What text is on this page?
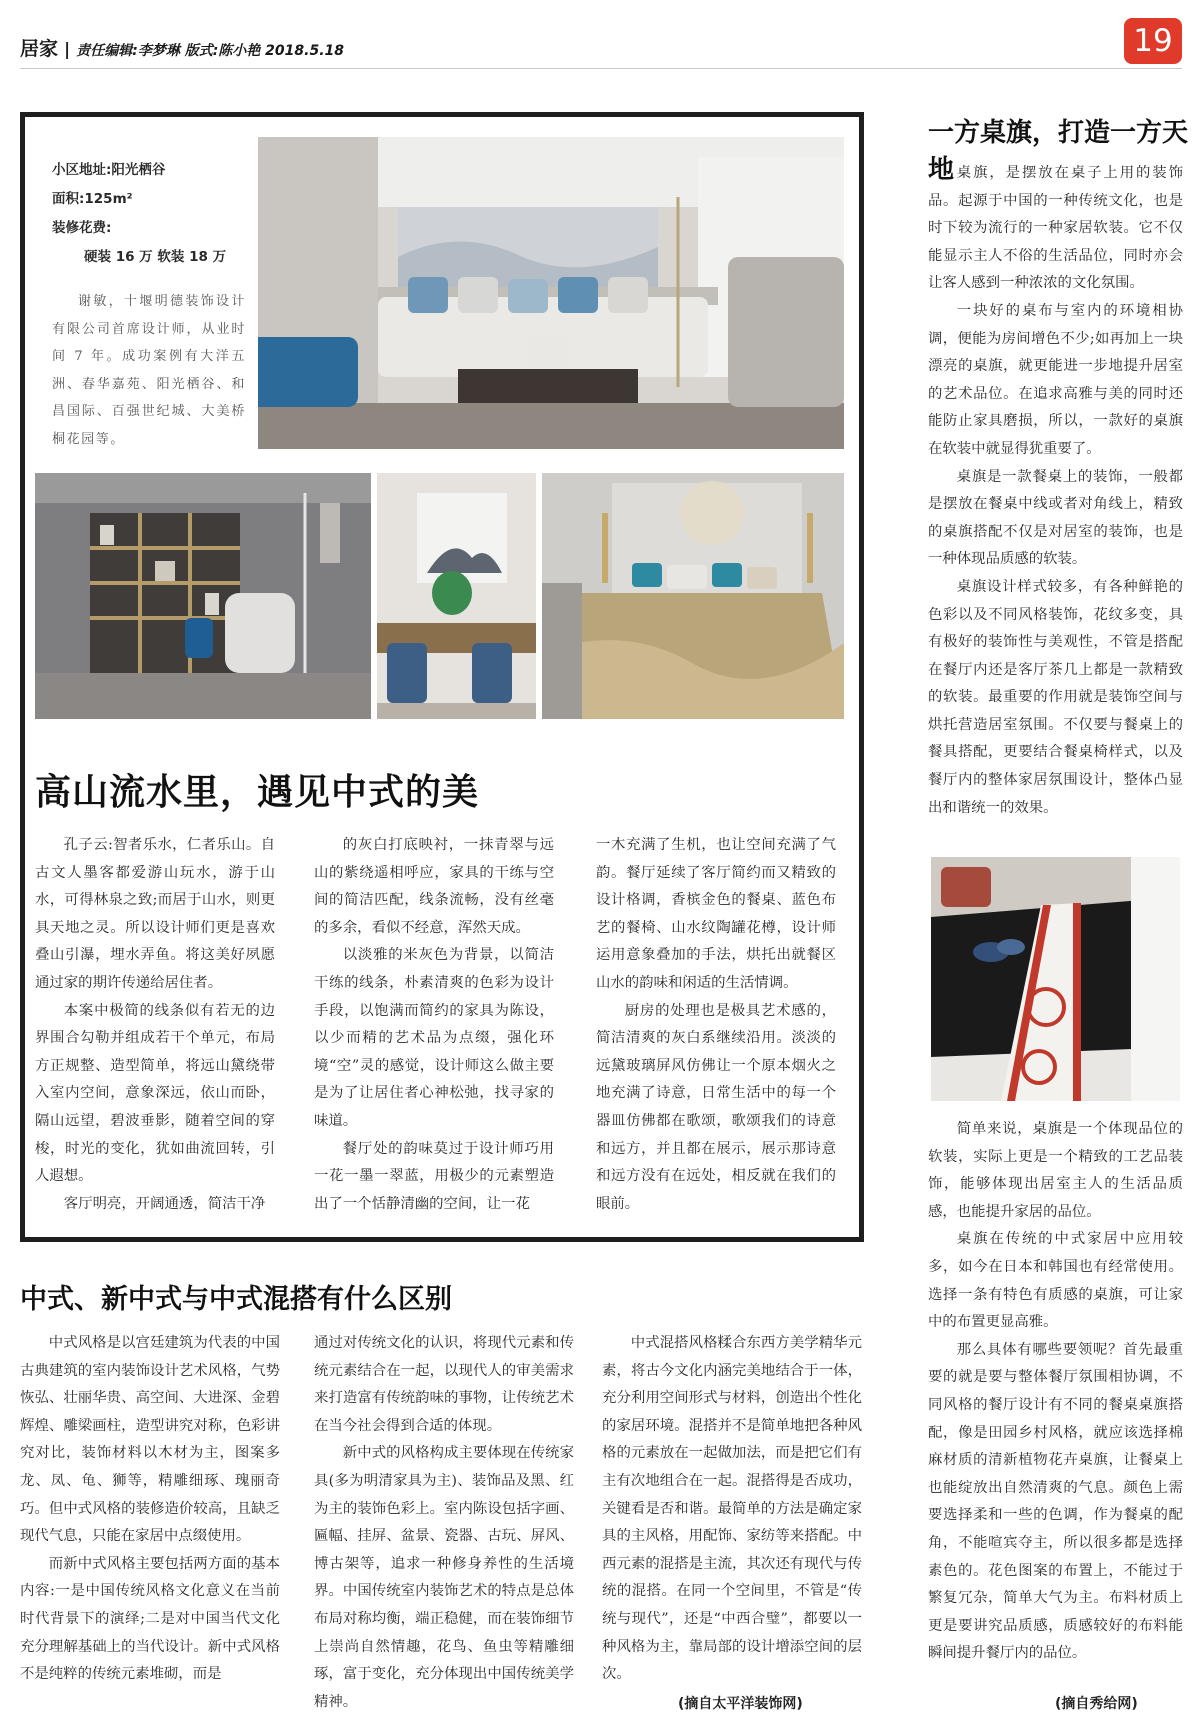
居家 | 责任编辑:李梦琳 版式:陈小艳 2018.5.18	19
小区地址:阳光栖谷
面积:125m²
装修花费:
硬装 16 万 软装 18 万

谢敏，十堰明德装饰设计有限公司首席设计师，从业时间 7 年。成功案例有大洋五洲、春华嘉苑、阳光栖谷、和昌国际、百强世纪城、大美桥桐花园等。

高山流水里，遇见中式的美

孔子云:智者乐水，仁者乐山。自古文人墨客都爱游山玩水，游于山水，可得林泉之致;而居于山水，则更具天地之灵。所以设计师们更是喜欢叠山引瀑，埋水弄鱼。将这美好夙愿通过家的期许传递给居住者。

本案中极简的线条似有若无的边界围合勾勒并组成若干个单元，布局方正规整、造型简单，将远山黛绕带入室内空间，意象深远，依山而卧，隔山远望，碧波垂影，随着空间的穿梭，时光的变化，犹如曲流回转，引人遐想。

客厅明亮，开阔通透，简洁干净

的灰白打底映衬，一抹青翠与远山的紫绕遥相呼应，家具的干练与空间的简洁匹配，线条流畅，没有丝毫的多余，看似不经意，浑然天成。

以淡雅的米灰色为背景，以简洁干练的线条，朴素清爽的色彩为设计手段，以饱满而简约的家具为陈设，以少而精的艺术品为点缀，强化环境“空”灵的感觉，设计师这么做主要是为了让居住者心神松弛，找寻家的味道。

餐厅处的韵味莫过于设计师巧用一花一墨一翠蓝，用极少的元素塑造出了一个恬静清幽的空间，让一花

一木充满了生机，也让空间充满了气韵。餐厅延续了客厅简约而又精致的设计格调，香槟金色的餐桌、蓝色布艺的餐椅、山水纹陶罐花樽，设计师运用意象叠加的手法，烘托出就餐区山水的韵味和闲适的生活情调。

厨房的处理也是极具艺术感的，简洁清爽的灰白系继续沿用。淡淡的远黛玻璃屏风仿佛让一个原本烟火之地充满了诗意，日常生活中的每一个器皿仿佛都在歌颂，歌颂我们的诗意和远方，并且都在展示，展示那诗意和远方没有在远处，相反就在我们的眼前。

一方桌旗，打造一方天地 桌旗，是摆放在桌子上用的装饰品。起源于中国的一种传统文化，也是时下较为流行的一种家居软装。它不仅能显示主人不俗的生活品位，同时亦会让客人感到一种浓浓的文化氛围。

一块好的桌布与室内的环境相协调，便能为房间增色不少;如再加上一块漂亮的桌旗，就更能进一步地提升居室的艺术品位。在追求高雅与美的同时还能防止家具磨损，所以，一款好的桌旗在软装中就显得犹重要了。

桌旗是一款餐桌上的装饰，一般都是摆放在餐桌中线或者对角线上，精致的桌旗搭配不仅是对居室的装饰，也是一种体现品质感的软装。

桌旗设计样式较多，有各种鲜艳的色彩以及不同风格装饰，花纹多变，具有极好的装饰性与美观性，不管是搭配在餐厅内还是客厅茶几上都是一款精致的软装。最重要的作用就是装饰空间与烘托营造居室氛围。不仅要与餐桌上的餐具搭配，更要结合餐桌椅样式，以及餐厅内的整体家居氛围设计，整体凸显出和谐统一的效果。

简单来说，桌旗是一个体现品位的软装，实际上更是一个精致的工艺品装饰，能够体现出居室主人的生活品质感，也能提升家居的品位。

桌旗在传统的中式家居中应用较多，如今在日本和韩国也有经常使用。选择一条有特色有质感的桌旗，可让家中的布置更显高雅。

那么具体有哪些要领呢？首先最重要的就是要与整体餐厅氛围相协调，不同风格的餐厅设计有不同的餐桌桌旗搭配，像是田园乡村风格，就应该选择棉麻材质的清新植物花卉桌旗，让餐桌上也能绽放出自然清爽的气息。颜色上需要选择柔和一些的色调，作为餐桌的配角，不能喧宾夺主，所以很多都是选择素色的。花色图案的布置上，不能过于繁复冗杂，简单大气为主。布料材质上更是要讲究品质感，质感较好的布料能瞬间提升餐厅内的品位。

(摘自秀给网)
中式、新中式与中式混搭有什么区别

中式风格是以宫廷建筑为代表的中国古典建筑的室内装饰设计艺术风格，气势恢弘、壮丽华贵、高空间、大进深、金碧辉煌、雕梁画柱，造型讲究对称，色彩讲究对比，装饰材料以木材为主，图案多龙、凤、龟、狮等，精雕细琢、瑰丽奇巧。但中式风格的装修造价较高，且缺乏现代气息，只能在家居中点缀使用。

而新中式风格主要包括两方面的基本内容:一是中国传统风格文化意义在当前时代背景下的演绎;二是对中国当代文化充分理解基础上的当代设计。新中式风格不是纯粹的传统元素堆砌，而是

通过对传统文化的认识，将现代元素和传统元素结合在一起，以现代人的审美需求来打造富有传统韵味的事物，让传统艺术在当今社会得到合适的体现。

新中式的风格构成主要体现在传统家具(多为明清家具为主)、装饰品及黑、红为主的装饰色彩上。室内陈设包括字画、匾幅、挂屏、盆景、瓷器、古玩、屏风、博古架等，追求一种修身养性的生活境界。中国传统室内装饰艺术的特点是总体布局对称均衡，端正稳健，而在装饰细节上崇尚自然情趣，花鸟、鱼虫等精雕细琢，富于变化，充分体现出中国传统美学精神。

中式混搭风格糅合东西方美学精华元素，将古今文化内涵完美地结合于一体，充分利用空间形式与材料，创造出个性化的家居环境。混搭并不是简单地把各种风格的元素放在一起做加法，而是把它们有主有次地组合在一起。混搭得是否成功，关键看是否和谐。最简单的方法是确定家具的主风格，用配饰、家纺等来搭配。中西元素的混搭是主流，其次还有现代与传统的混搭。在同一个空间里，不管是“传统与现代”，还是“中西合璧”，都要以一种风格为主，靠局部的设计增添空间的层次。

(摘自太平洋装饰网)
